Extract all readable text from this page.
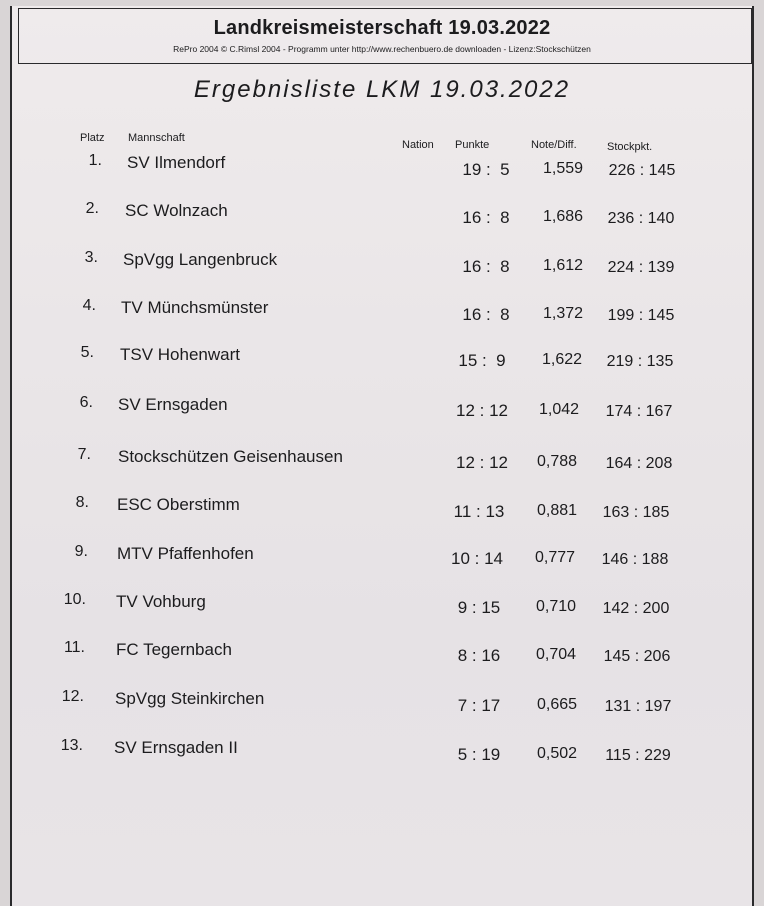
Landkreismeisterschaft 19.03.2022
RePro 2004 © C.Rimsl 2004 - Programm unter http://www.rechenbuero.de downloaden - Lizenz:Stockschützen
Ergebnisliste LKM 19.03.2022
Platz Mannschaft
Nation Punkte	Note/Diff.	Stockpkt.
1. SV Ilmendorf	19 :  5	1,559	226 : 145
2. SC Wolnzach	16 :  8	1,686	236 : 140
3. SpVgg Langenbruck	16 :  8	1,612	224 : 139
4. TV Münchsmünster	16 :  8	1,372	199 : 145
5. TSV Hohenwart	15 :  9	1,622	219 : 135
6. SV Ernsgaden	12 : 12	1,042	174 : 167
7. Stockschützen Geisenhausen	12 : 12	0,788	164 : 208
8. ESC Oberstimm	11 : 13	0,881	163 : 185
9. MTV Pfaffenhofen	10 : 14	0,777	146 : 188
10. TV Vohburg	9 : 15	0,710	142 : 200
11. FC Tegernbach	8 : 16	0,704	145 : 206
12. SpVgg Steinkirchen	7 : 17	0,665	131 : 197
13. SV Ernsgaden II	5 : 19	0,502	115 : 229
